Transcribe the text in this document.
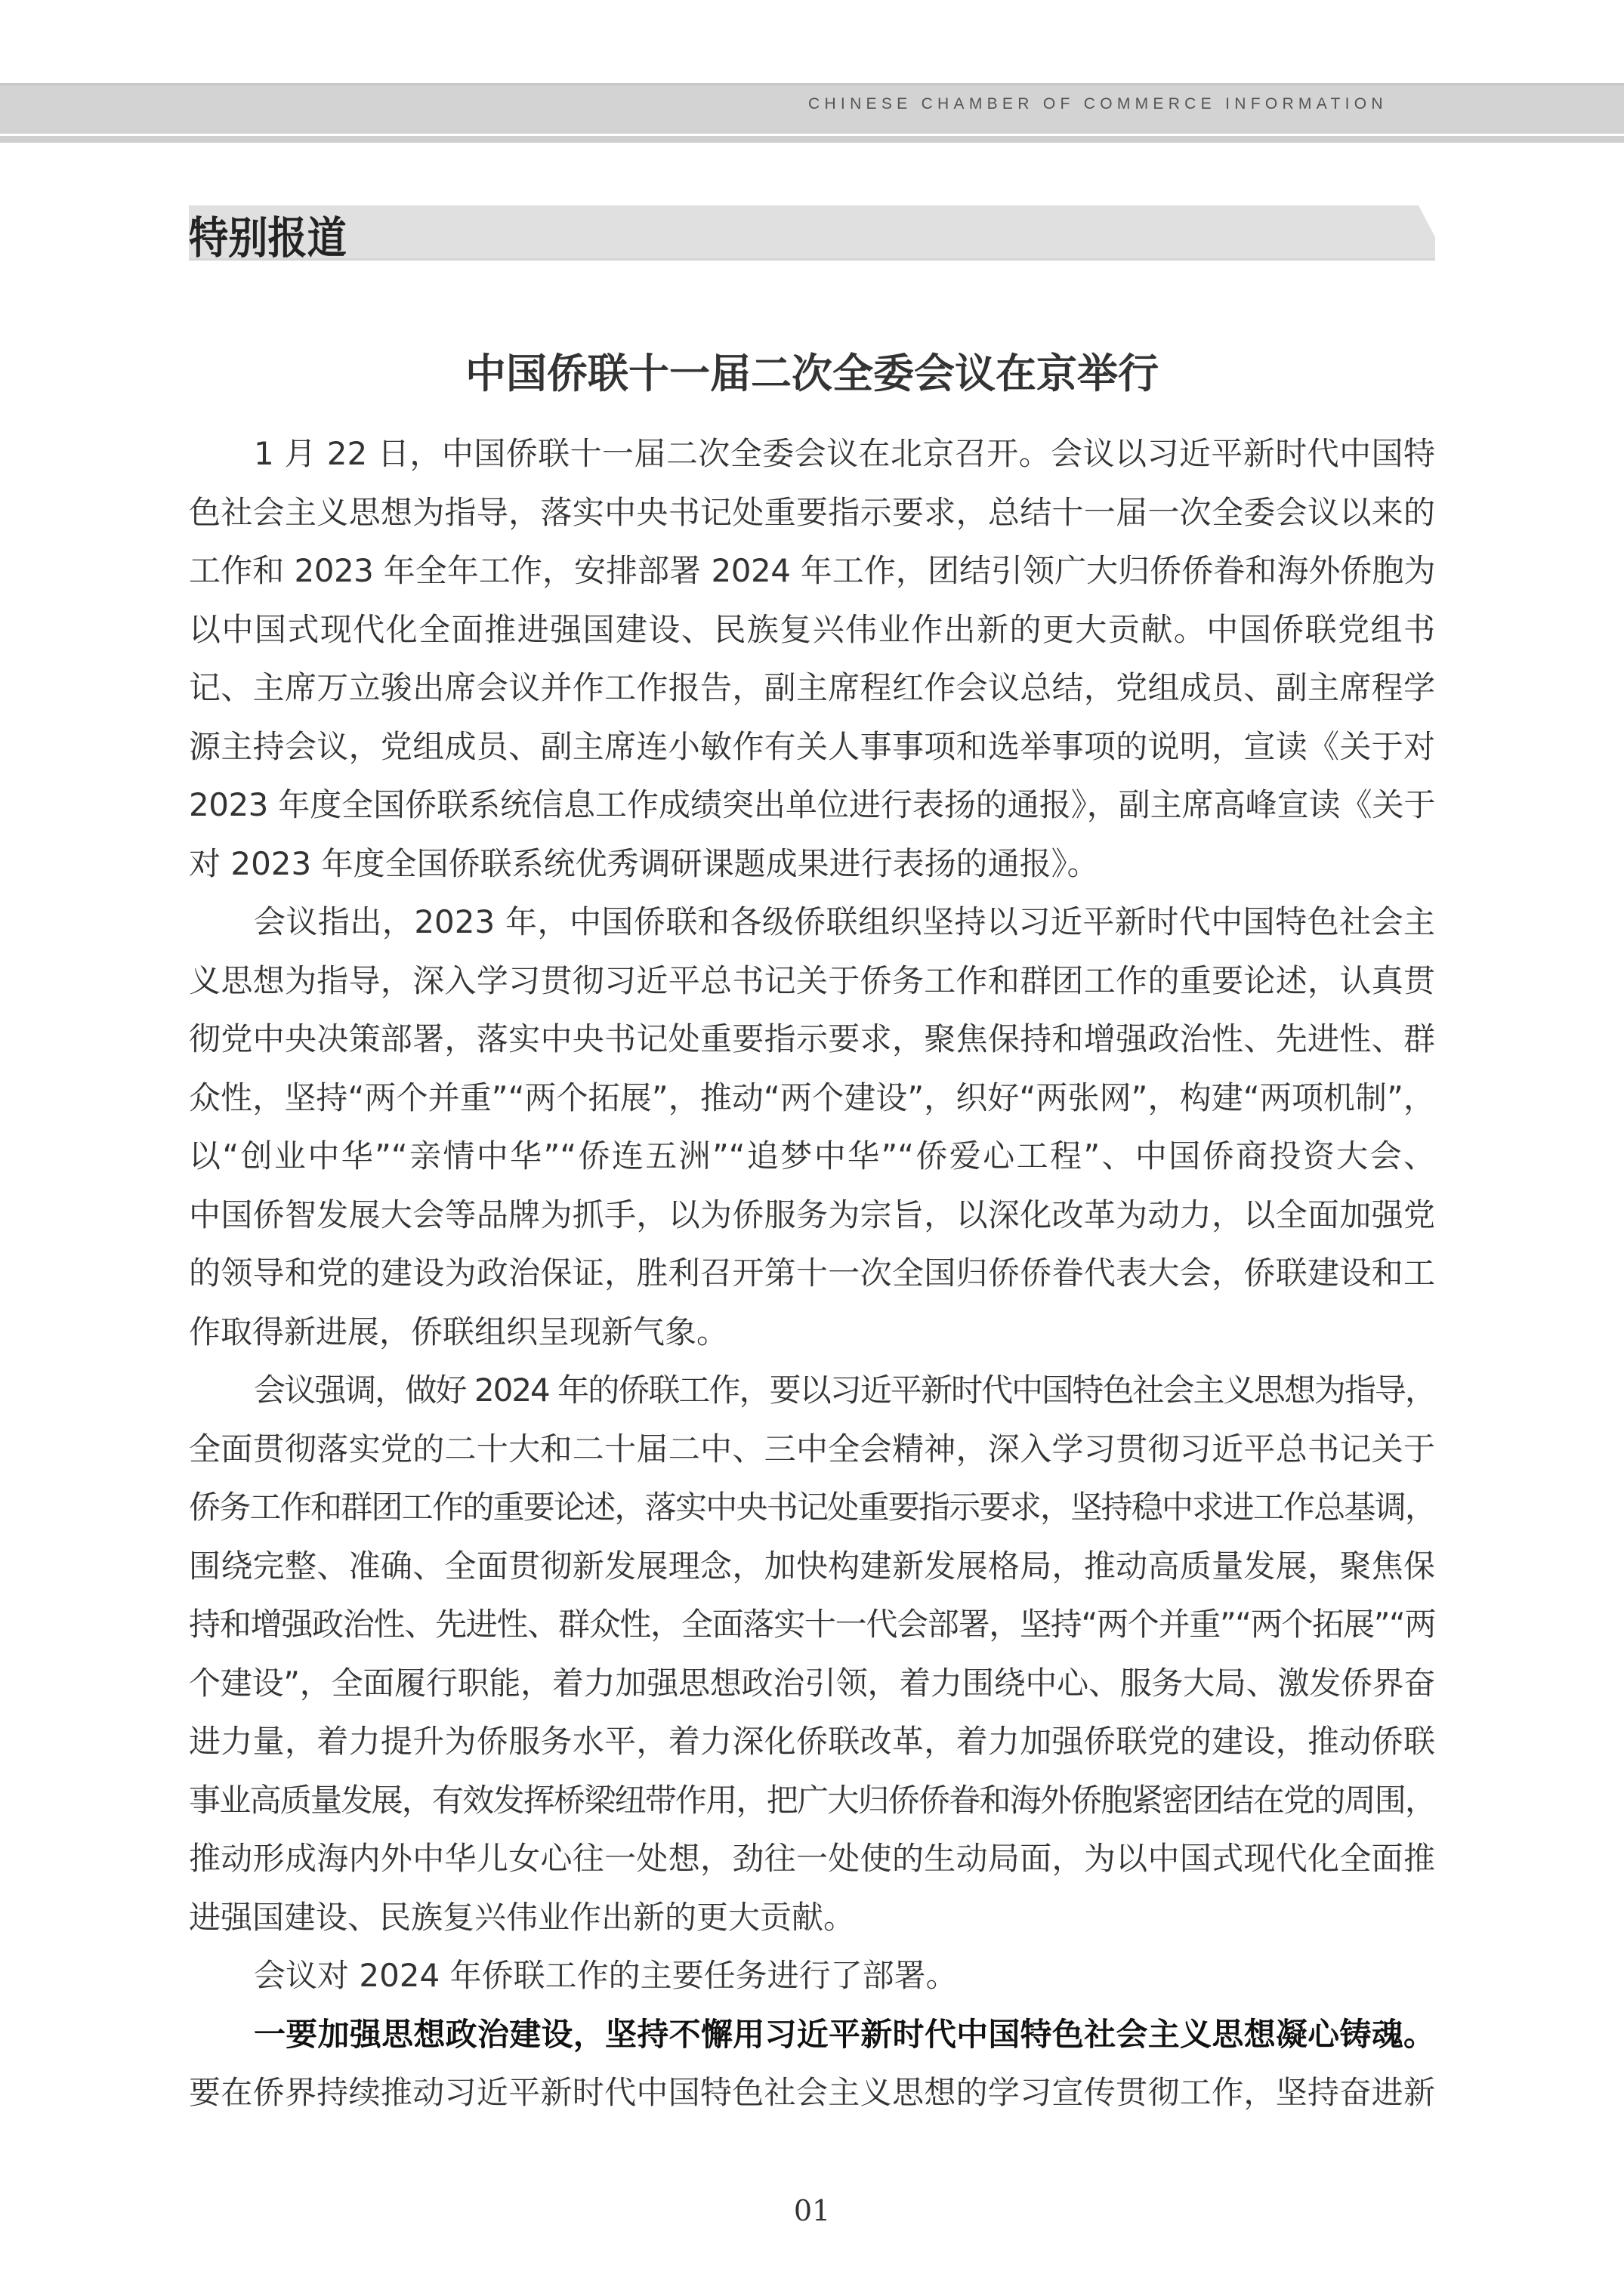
CHINESE CHAMBER OF COMMERCE INFORMATION
特别报道
中国侨联十一届二次全委会议在京举行
1 月 22 日，中国侨联十一届二次全委会议在北京召开。会议以习近平新时代中国特
色社会主义思想为指导，落实中央书记处重要指示要求，总结十一届一次全委会议以来的
工作和 2023 年全年工作，安排部署 2024 年工作，团结引领广大归侨侨眷和海外侨胞为
以中国式现代化全面推进强国建设、民族复兴伟业作出新的更大贡献。中国侨联党组书
记、主席万立骏出席会议并作工作报告，副主席程红作会议总结，党组成员、副主席程学
源主持会议，党组成员、副主席连小敏作有关人事事项和选举事项的说明，宣读《关于对
2023 年度全国侨联系统信息工作成绩突出单位进行表扬的通报》，副主席高峰宣读《关于
对 2023 年度全国侨联系统优秀调研课题成果进行表扬的通报》。
会议指出，2023 年，中国侨联和各级侨联组织坚持以习近平新时代中国特色社会主
义思想为指导，深入学习贯彻习近平总书记关于侨务工作和群团工作的重要论述，认真贯
彻党中央决策部署，落实中央书记处重要指示要求，聚焦保持和增强政治性、先进性、群
众性，坚持“两个并重”“两个拓展”，推动“两个建设”，织好“两张网”，构建“两项机制”，
以“创业中华”“亲情中华”“侨连五洲”“追梦中华”“侨爱心工程”、中国侨商投资大会、
中国侨智发展大会等品牌为抓手，以为侨服务为宗旨，以深化改革为动力，以全面加强党
的领导和党的建设为政治保证，胜利召开第十一次全国归侨侨眷代表大会，侨联建设和工
作取得新进展，侨联组织呈现新气象。
会议强调，做好 2024 年的侨联工作，要以习近平新时代中国特色社会主义思想为指导，
全面贯彻落实党的二十大和二十届二中、三中全会精神，深入学习贯彻习近平总书记关于
侨务工作和群团工作的重要论述，落实中央书记处重要指示要求，坚持稳中求进工作总基调，
围绕完整、准确、全面贯彻新发展理念，加快构建新发展格局，推动高质量发展，聚焦保
持和增强政治性、先进性、群众性，全面落实十一代会部署，坚持“两个并重”“两个拓展”“两
个建设”，全面履行职能，着力加强思想政治引领，着力围绕中心、服务大局、激发侨界奋
进力量，着力提升为侨服务水平，着力深化侨联改革，着力加强侨联党的建设，推动侨联
事业高质量发展，有效发挥桥梁纽带作用，把广大归侨侨眷和海外侨胞紧密团结在党的周围，
推动形成海内外中华儿女心往一处想，劲往一处使的生动局面，为以中国式现代化全面推
进强国建设、民族复兴伟业作出新的更大贡献。
会议对 2024 年侨联工作的主要任务进行了部署。
一要加强思想政治建设，坚持不懈用习近平新时代中国特色社会主义思想凝心铸魂。
要在侨界持续推动习近平新时代中国特色社会主义思想的学习宣传贯彻工作，坚持奋进新
01
